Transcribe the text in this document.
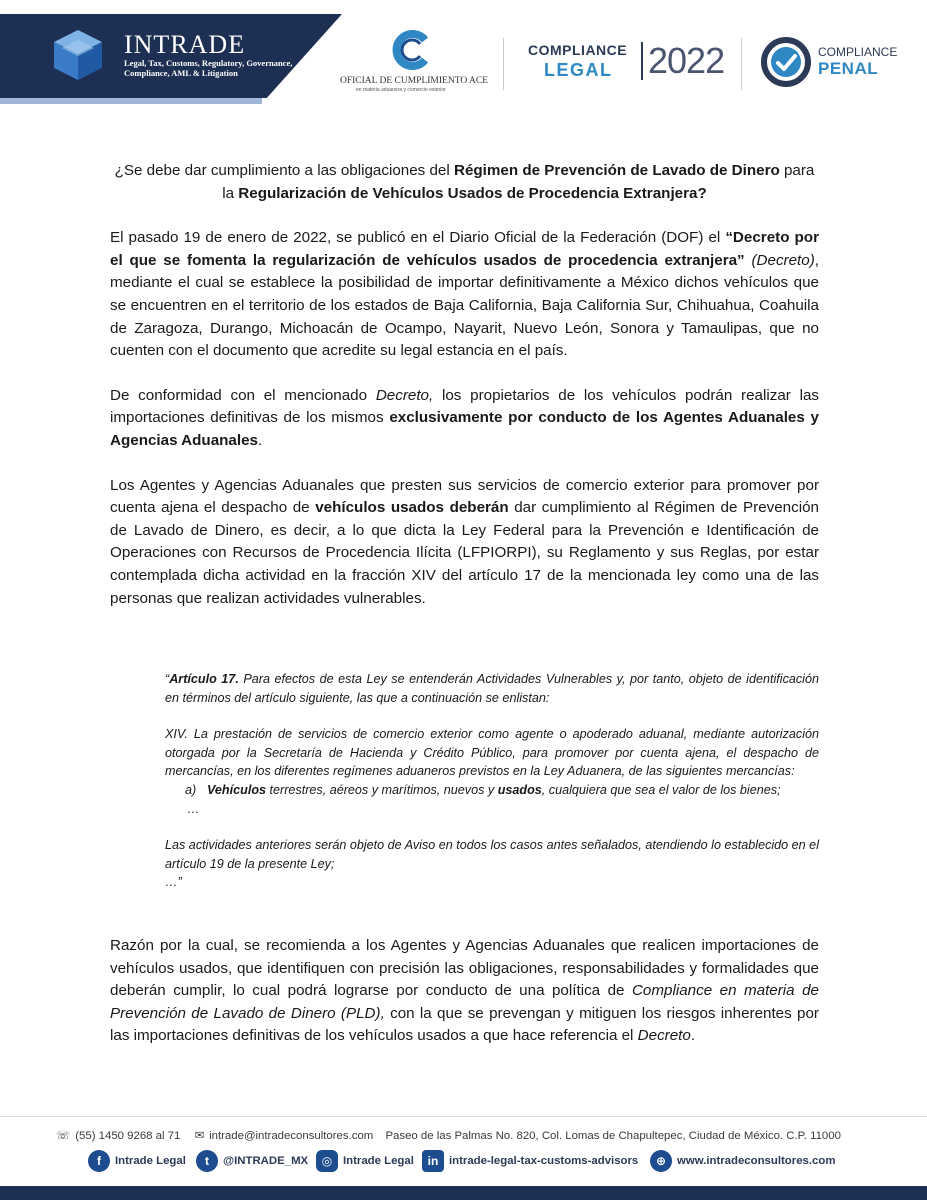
INTRADE
Legal, Tax, Customs, Regulatory, Governance, Compliance, AML & Litigation
OFICIAL DE CUMPLIMIENTO ACE
en materia aduanera y comercio exterior
COMPLIANCE
LEGAL 2022	COMPLIANCE
PENAL

¿Se debe dar cumplimiento a las obligaciones del Régimen de Prevención de Lavado de Dinero para la Regularización de Vehículos Usados de Procedencia Extranjera?

El pasado 19 de enero de 2022, se publicó en el Diario Oficial de la Federación (DOF) el “Decreto por el que se fomenta la regularización de vehículos usados de procedencia extranjera” (Decreto), mediante el cual se establece la posibilidad de importar definitivamente a México dichos vehículos que se encuentren en el territorio de los estados de Baja California, Baja California Sur, Chihuahua, Coahuila de Zaragoza, Durango, Michoacán de Ocampo, Nayarit, Nuevo León, Sonora y Tamaulipas, que no cuenten con el documento que acredite su legal estancia en el país.

De conformidad con el mencionado Decreto, los propietarios de los vehículos podrán realizar las importaciones definitivas de los mismos exclusivamente por conducto de los Agentes Aduanales y Agencias Aduanales.

Los Agentes y Agencias Aduanales que presten sus servicios de comercio exterior para promover por cuenta ajena el despacho de vehículos usados deberán dar cumplimiento al Régimen de Prevención de Lavado de Dinero, es decir, a lo que dicta la Ley Federal para la Prevención e Identificación de Operaciones con Recursos de Procedencia Ilícita (LFPIORPI), su Reglamento y sus Reglas, por estar contemplada dicha actividad en la fracción XIV del artículo 17 de la mencionada ley como una de las personas que realizan actividades vulnerables.

“Artículo 17. Para efectos de esta Ley se entenderán Actividades Vulnerables y, por tanto, objeto de identificación en términos del artículo siguiente, las que a continuación se enlistan:

XIV. La prestación de servicios de comercio exterior como agente o apoderado aduanal, mediante autorización otorgada por la Secretaría de Hacienda y Crédito Público, para promover por cuenta ajena, el despacho de mercancías, en los diferentes regímenes aduaneros previstos en la Ley Aduanera, de las siguientes mercancías:

a) Vehículos terrestres, aéreos y marítimos, nuevos y usados, cualquiera que sea el valor de los bienes;

…

Las actividades anteriores serán objeto de Aviso en todos los casos antes señalados, atendiendo lo establecido en el artículo 19 de la presente Ley;

…”

Razón por la cual, se recomienda a los Agentes y Agencias Aduanales que realicen importaciones de vehículos usados, que identifiquen con precisión las obligaciones, responsabilidades y formalidades que deberán cumplir, lo cual podrá lograrse por conducto de una política de Compliance en materia de Prevención de Lavado de Dinero (PLD), con la que se prevengan y mitiguen los riesgos inherentes por las importaciones definitivas de los vehículos usados a que hace referencia el Decreto.

☏ (55) 1450 9268 al 71 ✉ intrade@intradeconsultores.com Paseo de las Palmas No. 820, Col. Lomas de Chapultepec, Ciudad de México. C.P. 11000
f Intrade Legal	t @INTRADE_MX	◎ Intrade Legal	in intrade-legal-tax-customs-advisors	⊕ www.intradeconsultores.com
